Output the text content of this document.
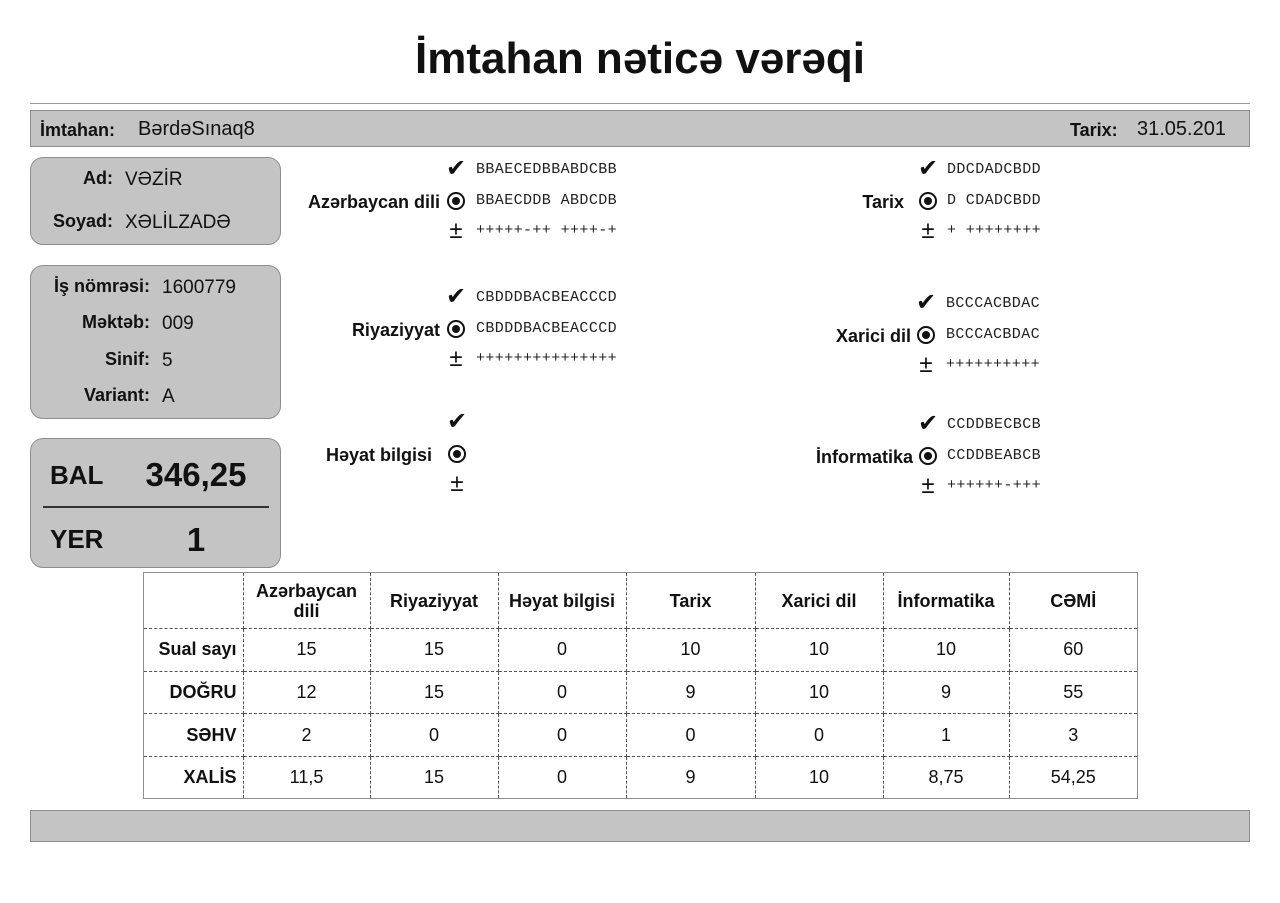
İmtahan nəticə vərəqi
İmtahan: BərdəSınaq8	Tarix: 31.05.201
Ad: VƏZİR
Soyad: XƏLİLZADƏ
İş nömrəsi: 1600779
Məktəb: 009
Sinif: 5
Variant: A
BAL 346,25
YER	1
Azərbaycan dili
✔
±
BBAECEDBBABDCBB
BBAECDDB ABDCDB
+++++-++ ++++-+
Tarix
✔
±
DDCDADCBDD
D CDADCBDD
+ ++++++++
Riyaziyyat
✔
±
CBDDDBACBEACCCD
CBDDDBACBEACCCD
+++++++++++++++
Xarici dil
✔
±
BCCCACBDAC
BCCCACBDAC
++++++++++
Həyat bilgisi
✔
±
İnformatika
✔
±
CCDDBECBCB
CCDDBEABCB
++++++-+++
	Azərbaycan dili	Riyaziyyat	Həyat bilgisi	Tarix	Xarici dil	İnformatika	CƏMİ
Sual sayı	15	15	0	10	10	10	60
DOĞRU	12	15	0	9	10	9	55
SƏHV	2	0	0	0	0	1	3
XALİS	11,5	15	0	9	10	8,75	54,25
